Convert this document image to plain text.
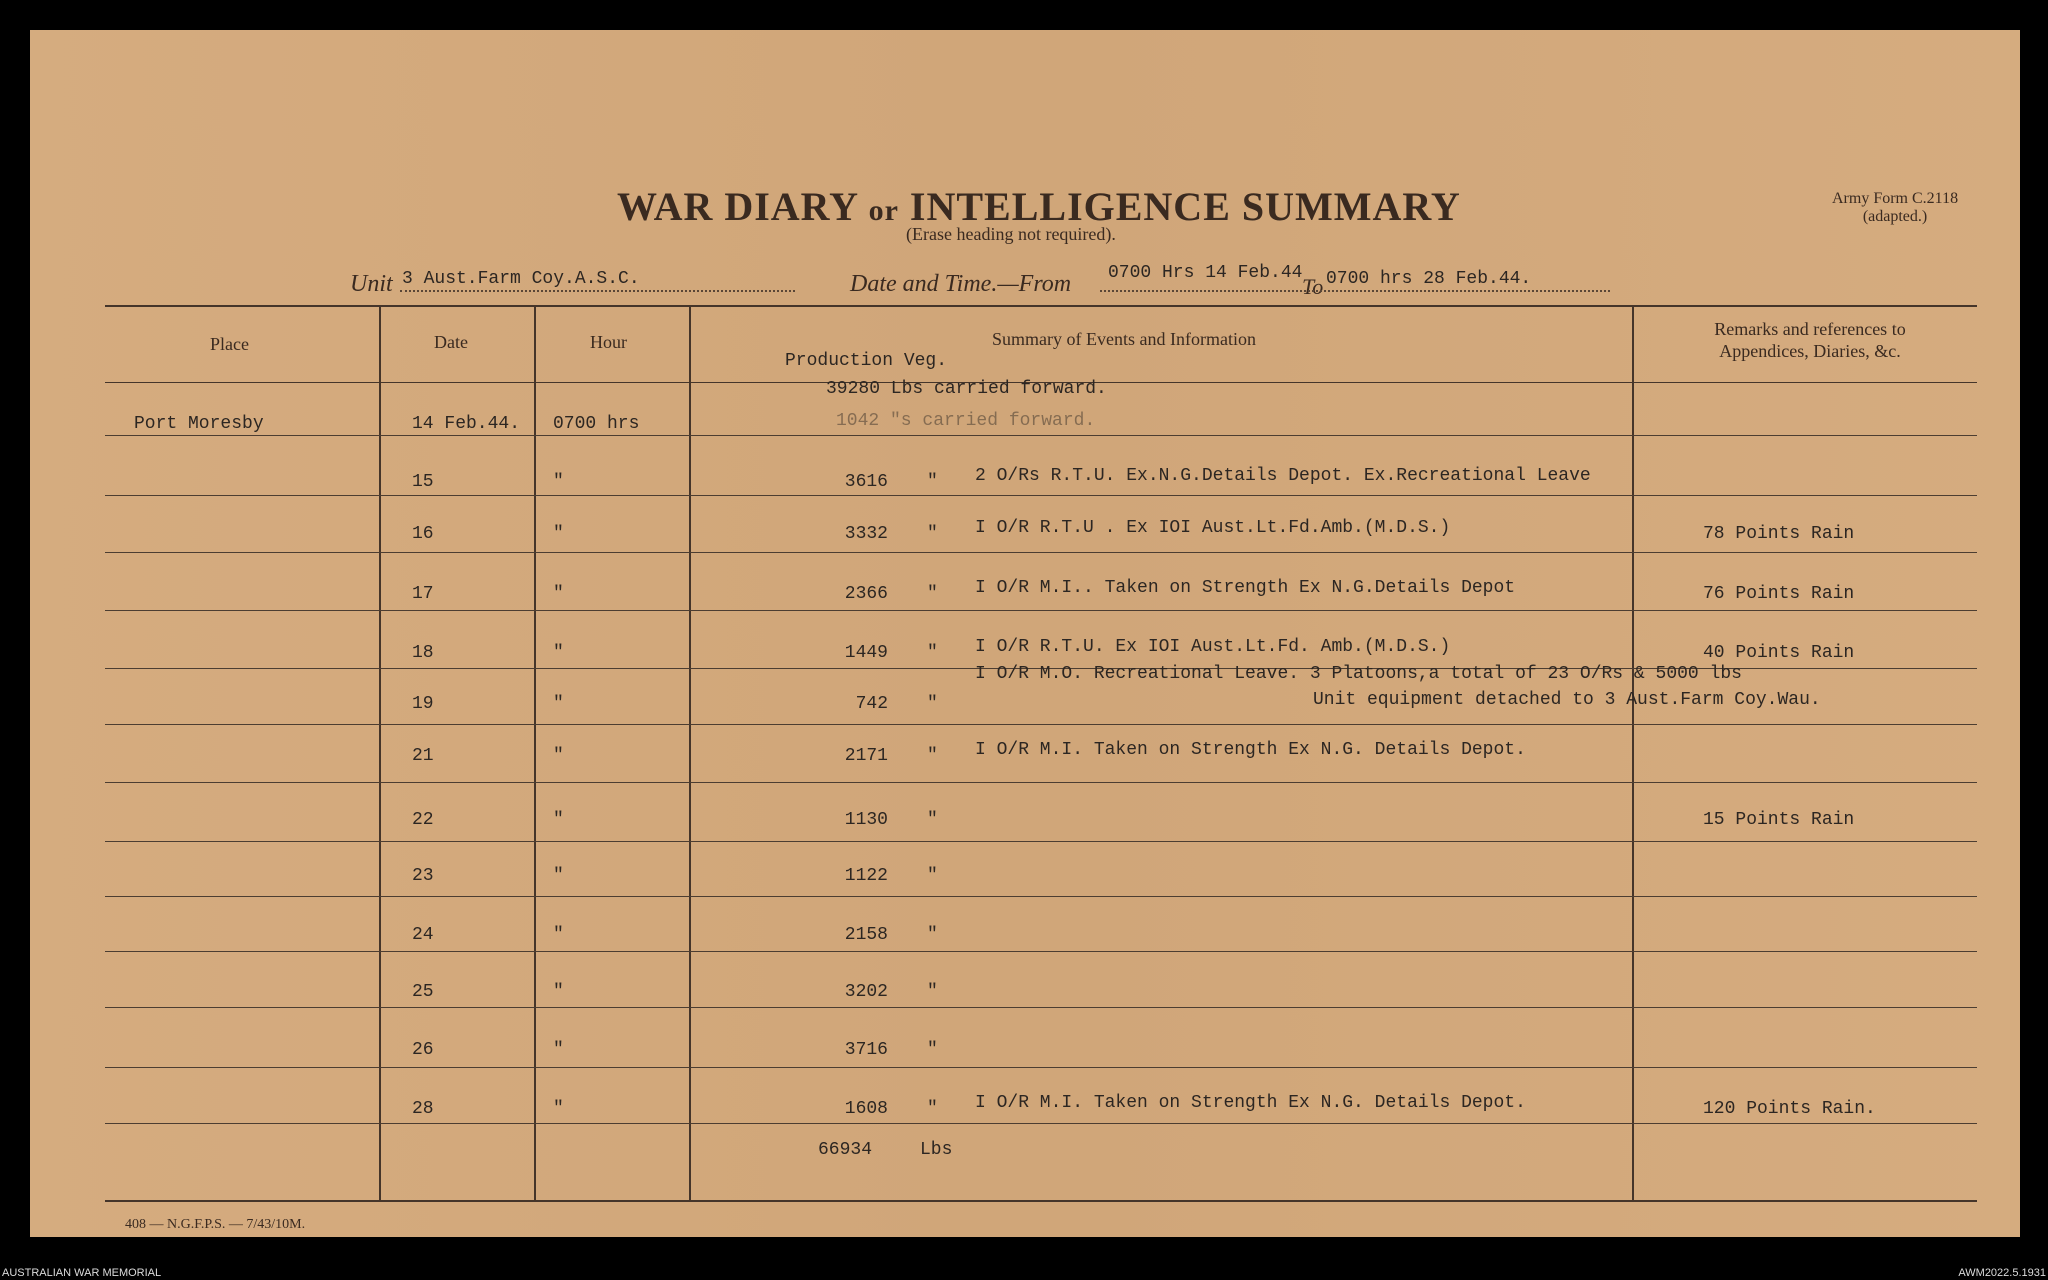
WAR DIARY or INTELLIGENCE SUMMARY
(Erase heading not required).
Army Form C.2118
(adapted.)
Unit 3 Aust.Farm Coy.A.S.C.	Date and Time.—From 0700 Hrs 14 Feb.44
To 0700 hrs 28 Feb.44.
Place	Date	Hour	Summary of Events and Information	Remarks and references to
Appendices, Diaries, &c.
Production Veg.
39280 Lbs carried forward.
1042 "s carried forward.
Port Moresby	14 Feb.44. 0700 hrs
15	"	3616 " 2 O/Rs R.T.U. Ex.N.G.Details Depot. Ex.Recreational Leave
16	"	3332 " I O/R R.T.U . Ex IOI Aust.Lt.Fd.Amb.(M.D.S.)	78 Points Rain
17	"	2366 " I O/R M.I.. Taken on Strength Ex N.G.Details Depot	76 Points Rain
18	"	1449 " I O/R R.T.U. Ex IOI Aust.Lt.Fd. Amb.(M.D.S.)	40 Points Rain
19	"	742 "
I O/R M.O. Recreational Leave. 3 Platoons,a total of 23 O/Rs & 5000 lbs
Unit equipment detached to 3 Aust.Farm Coy.Wau.
21	"	2171 " I O/R M.I. Taken on Strength Ex N.G. Details Depot.
22	"	1130 "	15 Points Rain
23	"	1122 "
24	"	2158 "
25	"	3202 "
26	"	3716 "
28	"	1608 " I O/R M.I. Taken on Strength Ex N.G. Details Depot.	120 Points Rain.
66934	Lbs
408 — N.G.F.P.S. — 7/43/10M.
AUSTRALIAN WAR MEMORIAL	AWM2022.5.1931
